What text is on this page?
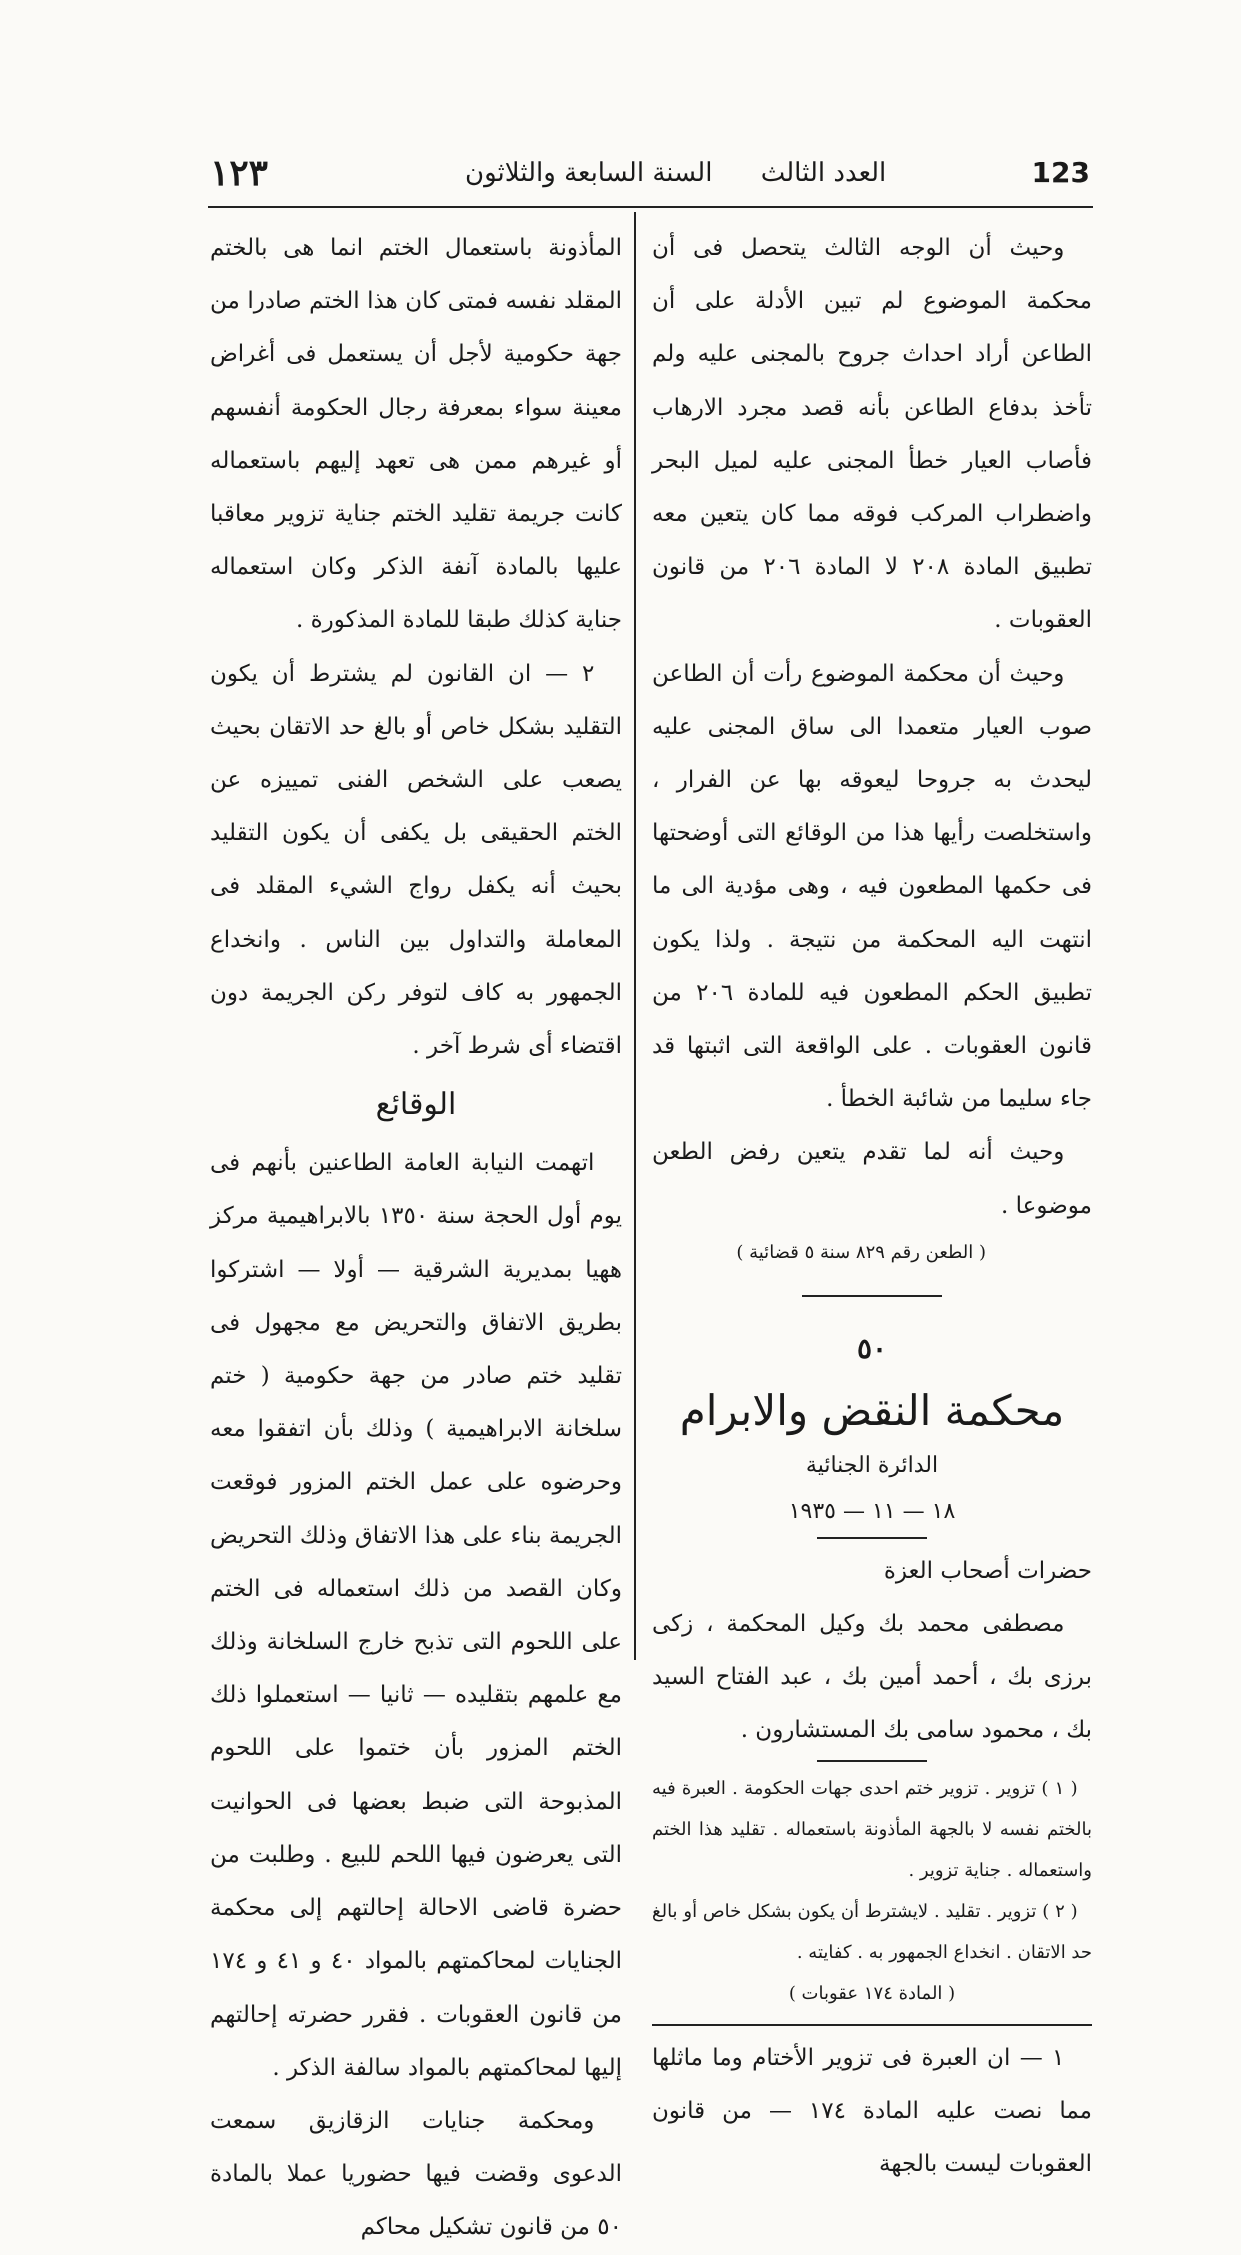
123
العدد الثالث السنة السابعة والثلاثون
١٢٣

وحيث أن الوجه الثالث يتحصل فى أن محكمة الموضوع لم تبين الأدلة على أن الطاعن أراد احداث جروح بالمجنى عليه ولم تأخذ بدفاع الطاعن بأنه قصد مجرد الارهاب فأصاب العيار خطأ المجنى عليه لميل البحر واضطراب المركب فوقه مما كان يتعين معه تطبيق المادة ٢٠٨ لا المادة ٢٠٦ من قانون العقوبات .

وحيث أن محكمة الموضوع رأت أن الطاعن صوب العيار متعمدا الى ساق المجنى عليه ليحدث به جروحا ليعوقه بها عن الفرار ، واستخلصت رأيها هذا من الوقائع التى أوضحتها فى حكمها المطعون فيه ، وهى مؤدية الى ما انتهت اليه المحكمة من نتيجة . ولذا يكون تطبيق الحكم المطعون فيه للمادة ٢٠٦ من قانون العقوبات . على الواقعة التى اثبتها قد جاء سليما من شائبة الخطأ .

وحيث أنه لما تقدم يتعين رفض الطعن موضوعا .

( الطعن رقم ٨٢٩ سنة ٥ قضائية )

٥٠
محكمة النقض والابرام
الدائرة الجنائية
١٨ — ١١ — ١٩٣٥

حضرات أصحاب العزة

مصطفى محمد بك وكيل المحكمة ، زكى برزى بك ، أحمد أمين بك ، عبد الفتاح السيد بك ، محمود سامى بك المستشارون .

( ١ ) تزوير . تزوير ختم احدى جهات الحكومة . العبرة فيه بالختم نفسه لا بالجهة المأذونة باستعماله . تقليد هذا الختم واستعماله . جناية تزوير .

( ٢ ) تزوير . تقليد . لايشترط أن يكون بشكل خاص أو بالغ حد الاتقان . انخداع الجمهور به . كفايته .

( المادة ١٧٤ عقوبات )

١ — ان العبرة فى تزوير الأختام وما ماثلها مما نصت عليه المادة ١٧٤ — من قانون العقوبات ليست بالجهة

المأذونة باستعمال الختم انما هى بالختم المقلد نفسه فمتى كان هذا الختم صادرا من جهة حكومية لأجل أن يستعمل فى أغراض معينة سواء بمعرفة رجال الحكومة أنفسهم أو غيرهم ممن هى تعهد إليهم باستعماله كانت جريمة تقليد الختم جناية تزوير معاقبا عليها بالمادة آنفة الذكر وكان استعماله جناية كذلك طبقا للمادة المذكورة .

٢ — ان القانون لم يشترط أن يكون التقليد بشكل خاص أو بالغ حد الاتقان بحيث يصعب على الشخص الفنى تمييزه عن الختم الحقيقى بل يكفى أن يكون التقليد بحيث أنه يكفل رواج الشيء المقلد فى المعاملة والتداول بين الناس . وانخداع الجمهور به كاف لتوفر ركن الجريمة دون اقتضاء أى شرط آخر .

الوقائع

اتهمت النيابة العامة الطاعنين بأنهم فى يوم أول الحجة سنة ١٣٥٠ بالابراهيمية مركز ههيا بمديرية الشرقية — أولا — اشتركوا بطريق الاتفاق والتحريض مع مجهول فى تقليد ختم صادر من جهة حكومية ( ختم سلخانة الابراهيمية ) وذلك بأن اتفقوا معه وحرضوه على عمل الختم المزور فوقعت الجريمة بناء على هذا الاتفاق وذلك التحريض وكان القصد من ذلك استعماله فى الختم على اللحوم التى تذبح خارج السلخانة وذلك مع علمهم بتقليده — ثانيا — استعملوا ذلك الختم المزور بأن ختموا على اللحوم المذبوحة التى ضبط بعضها فى الحوانيت التى يعرضون فيها اللحم للبيع . وطلبت من حضرة قاضى الاحالة إحالتهم إلى محكمة الجنايات لمحاكمتهم بالمواد ٤٠ و ٤١ و ١٧٤ من قانون العقوبات . فقرر حضرته إحالتهم إليها لمحاكمتهم بالمواد سالفة الذكر .

ومحكمة جنايات الزقازيق سمعت الدعوى وقضت فيها حضوريا عملا بالمادة ٥٠ من قانون تشكيل محاكم
